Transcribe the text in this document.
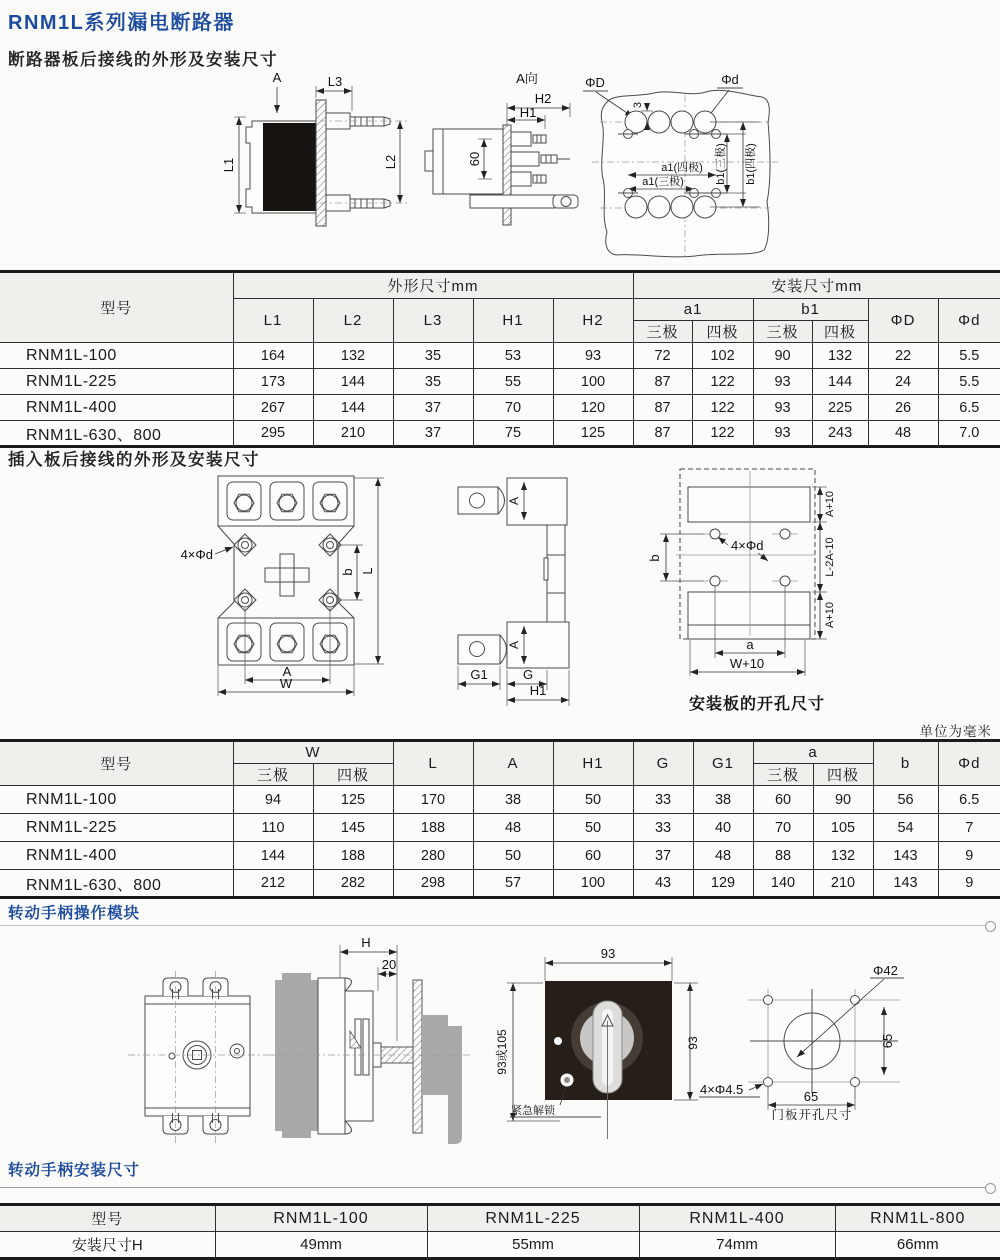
RNM1L系列漏电断路器
断路器板后接线的外形及安装尺寸
A	L3
L1	L2
A向
H2
H1
60
ΦD	Φd
3
a1(四极)
a1(三极)	b1(三极) b1(四极)
型号	外形尺寸mm					安装尺寸mm					
	L1	L2	L3	H1	H2	a1		b1		ΦD	Φd
						三极	四极	三极	四极		
RNM1L-100	164	132	35	53	93	72	102	90	132	22	5.5
RNM1L-225	173	144	35	55	100	87	122	93	144	24	5.5
RNM1L-400	267	144	37	70	120	87	122	93	225	26	6.5
RNM1L-630、800	295	210	37	75	125	87	122	93	243	48	7.0
插入板后接线的外形及安装尺寸
4×Φd
b L
A
W
A
A
G1	G
H1
4×Φd
b
a
W+10
A+10
L-2A-10
A+10
安装板的开孔尺寸
单位为毫米
型号	W		L	A	H1	G	G1	a		b	Φd
	三极	四极						三极	四极		
RNM1L-100	94	125	170	38	50	33	38	60	90	56	6.5
RNM1L-225	110	145	188	48	50	33	40	70	105	54	7
RNM1L-400	144	188	280	50	60	37	48	88	132	143	9
RNM1L-630、800	212	282	298	57	100	43	129	140	210	143	9
转动手柄操作模块
H
20
93
93或105	93
紧急解锁
4×Φ4.5
Φ42
65
65
门板开孔尺寸
转动手柄安装尺寸
型号	RNM1L-100	RNM1L-225	RNM1L-400	RNM1L-800
安装尺寸H	49mm	55mm	74mm	66mm
